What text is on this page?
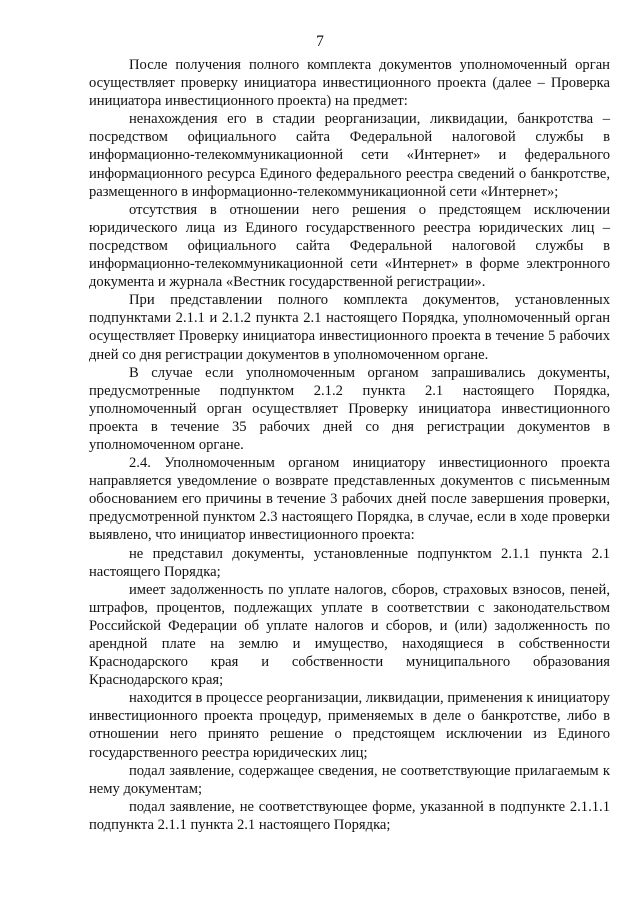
7

После получения полного комплекта документов уполномоченный орган осуществляет проверку инициатора инвестиционного проекта (далее – Проверка инициатора инвестиционного проекта) на предмет:

ненахождения его в стадии реорганизации, ликвидации, банкротства – посредством официального сайта Федеральной налоговой службы в информационно-телекоммуникационной сети «Интернет» и федерального информационного ресурса Единого федерального реестра сведений о банкротстве, размещенного в информационно-телекоммуникационной сети «Интернет»;

отсутствия в отношении него решения о предстоящем исключении юридического лица из Единого государственного реестра юридических лиц – посредством официального сайта Федеральной налоговой службы в информационно-телекоммуникационной сети «Интернет» в форме электронного документа и журнала «Вестник государственной регистрации».

При представлении полного комплекта документов, установленных подпунктами 2.1.1 и 2.1.2 пункта 2.1 настоящего Порядка, уполномоченный орган осуществляет Проверку инициатора инвестиционного проекта в течение 5 рабочих дней со дня регистрации документов в уполномоченном органе.

В случае если уполномоченным органом запрашивались документы, предусмотренные подпунктом 2.1.2 пункта 2.1 настоящего Порядка, уполномоченный орган осуществляет Проверку инициатора инвестиционного проекта в течение 35 рабочих дней со дня регистрации документов в уполномоченном органе.

2.4. Уполномоченным органом инициатору инвестиционного проекта направляется уведомление о возврате представленных документов с письменным обоснованием его причины в течение 3 рабочих дней после завершения проверки, предусмотренной пунктом 2.3 настоящего Порядка, в случае, если в ходе проверки выявлено, что инициатор инвестиционного проекта:

не представил документы, установленные подпунктом 2.1.1 пункта 2.1 настоящего Порядка;

имеет задолженность по уплате налогов, сборов, страховых взносов, пеней, штрафов, процентов, подлежащих уплате в соответствии с законодательством Российской Федерации об уплате налогов и сборов, и (или) задолженность по арендной плате на землю и имущество, находящиеся в собственности Краснодарского края и собственности муниципального образования Краснодарского края;

находится в процессе реорганизации, ликвидации, применения к инициатору инвестиционного проекта процедур, применяемых в деле о банкротстве, либо в отношении него принято решение о предстоящем исключении из Единого государственного реестра юридических лиц;

подал заявление, содержащее сведения, не соответствующие прилагаемым к нему документам;

подал заявление, не соответствующее форме, указанной в подпункте 2.1.1.1 подпункта 2.1.1 пункта 2.1 настоящего Порядка;
